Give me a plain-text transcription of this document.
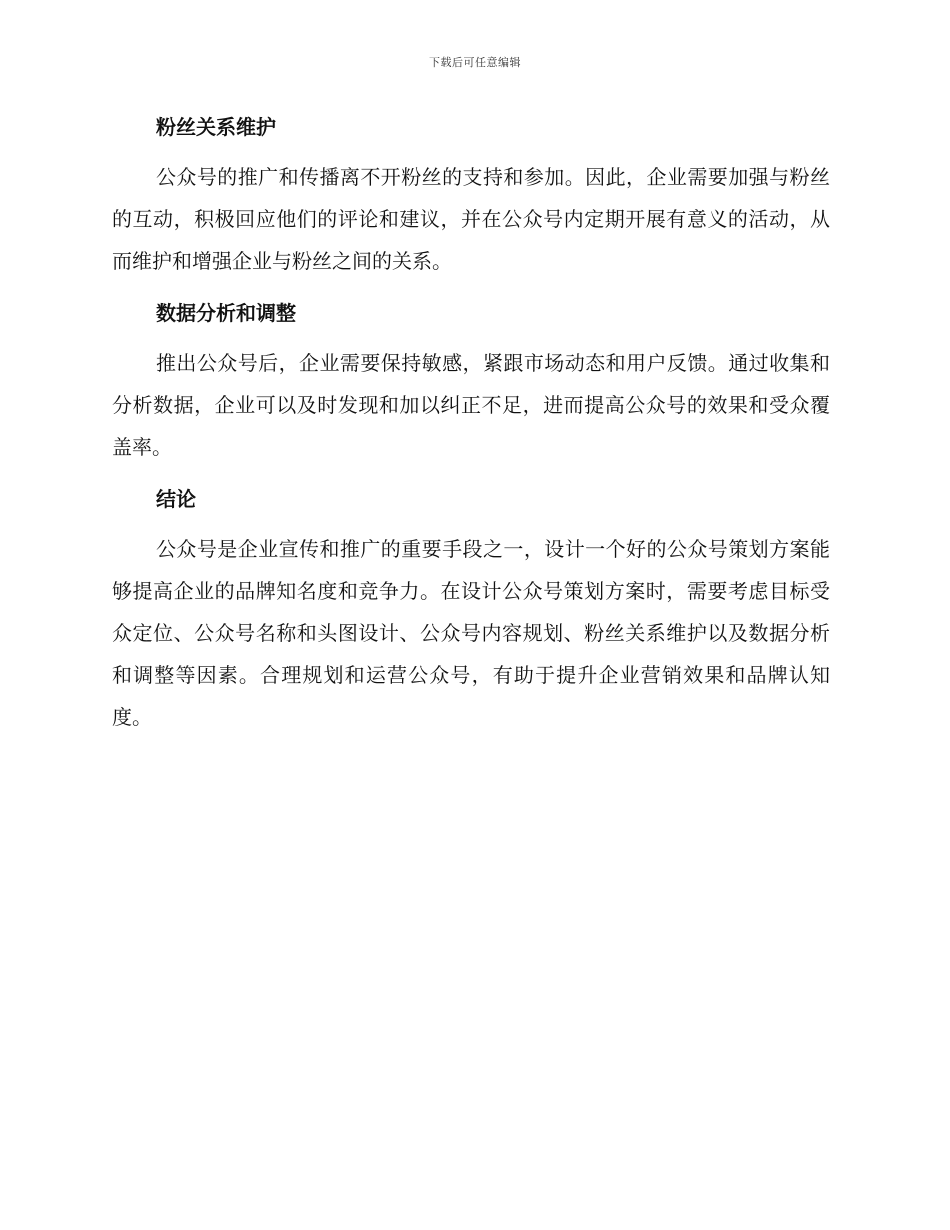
下载后可任意编辑
粉丝关系维护

公众号的推广和传播离不开粉丝的支持和参加。因此，企业需要加强与粉丝的互动，积极回应他们的评论和建议，并在公众号内定期开展有意义的活动，从而维护和增强企业与粉丝之间的关系。

数据分析和调整

推出公众号后，企业需要保持敏感，紧跟市场动态和用户反馈。通过收集和分析数据，企业可以及时发现和加以纠正不足，进而提高公众号的效果和受众覆盖率。

结论

公众号是企业宣传和推广的重要手段之一，设计一个好的公众号策划方案能够提高企业的品牌知名度和竞争力。在设计公众号策划方案时，需要考虑目标受众定位、公众号名称和头图设计、公众号内容规划、粉丝关系维护以及数据分析和调整等因素。合理规划和运营公众号，有助于提升企业营销效果和品牌认知度。
